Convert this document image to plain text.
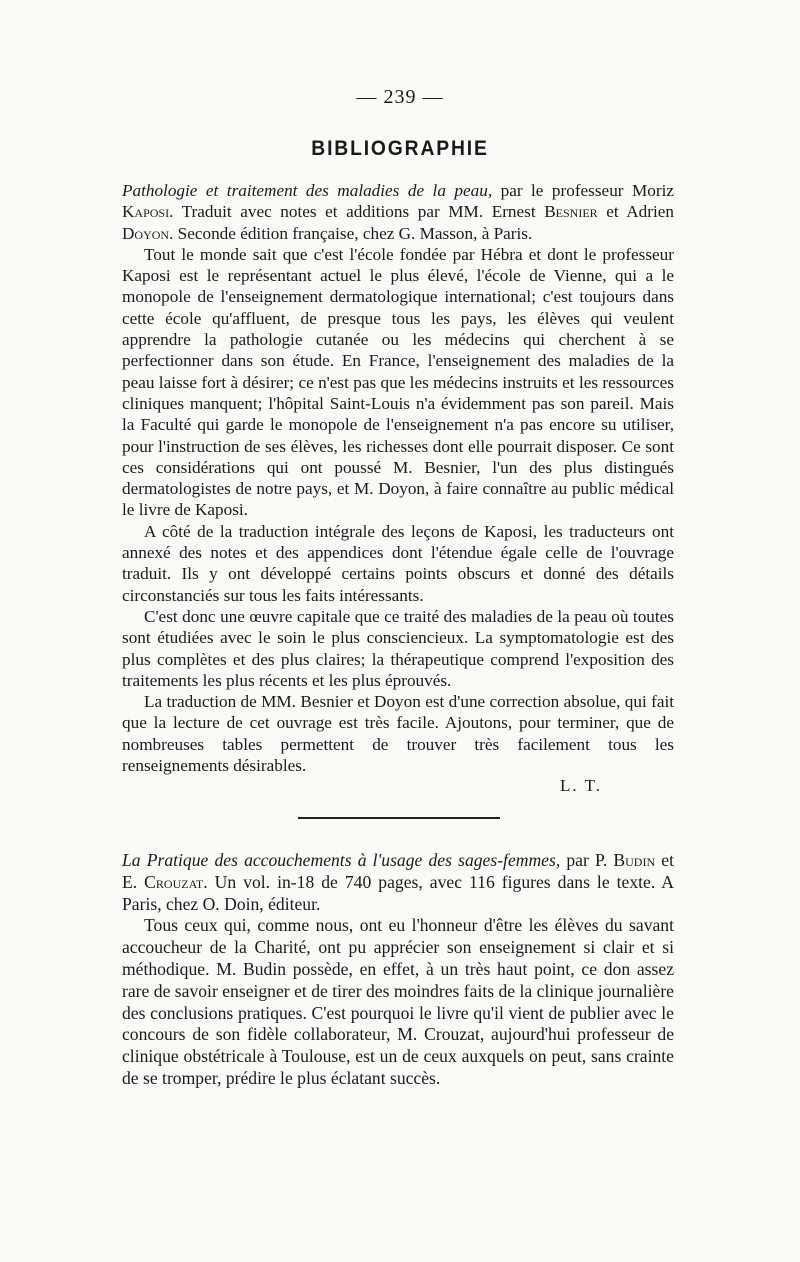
— 239 —
BIBLIOGRAPHIE

Pathologie et traitement des maladies de la peau, par le professeur Moriz Kaposi. Traduit avec notes et additions par MM. Ernest Besnier et Adrien Doyon. Seconde édition française, chez G. Masson, à Paris.

Tout le monde sait que c'est l'école fondée par Hébra et dont le professeur Kaposi est le représentant actuel le plus élevé, l'école de Vienne, qui a le monopole de l'enseignement dermatologique international; c'est toujours dans cette école qu'affluent, de presque tous les pays, les élèves qui veulent apprendre la pathologie cutanée ou les médecins qui cherchent à se perfectionner dans son étude. En France, l'enseignement des maladies de la peau laisse fort à désirer; ce n'est pas que les médecins instruits et les ressources cliniques manquent; l'hôpital Saint-Louis n'a évidemment pas son pareil. Mais la Faculté qui garde le monopole de l'enseignement n'a pas encore su utiliser, pour l'instruction de ses élèves, les richesses dont elle pourrait disposer. Ce sont ces considérations qui ont poussé M. Besnier, l'un des plus distingués dermatologistes de notre pays, et M. Doyon, à faire connaître au public médical le livre de Kaposi.

A côté de la traduction intégrale des leçons de Kaposi, les traducteurs ont annexé des notes et des appendices dont l'étendue égale celle de l'ouvrage traduit. Ils y ont développé certains points obscurs et donné des détails circonstanciés sur tous les faits intéressants.

C'est donc une œuvre capitale que ce traité des maladies de la peau où toutes sont étudiées avec le soin le plus consciencieux. La symptomatologie est des plus complètes et des plus claires; la thérapeutique comprend l'exposition des traitements les plus récents et les plus éprouvés.

La traduction de MM. Besnier et Doyon est d'une correction absolue, qui fait que la lecture de cet ouvrage est très facile. Ajoutons, pour terminer, que de nombreuses tables permettent de trouver très facilement tous les renseignements désirables.

L. T.

La Pratique des accouchements à l'usage des sages-femmes, par P. Budin et E. Crouzat. Un vol. in-18 de 740 pages, avec 116 figures dans le texte. A Paris, chez O. Doin, éditeur.

Tous ceux qui, comme nous, ont eu l'honneur d'être les élèves du savant accoucheur de la Charité, ont pu apprécier son enseignement si clair et si méthodique. M. Budin possède, en effet, à un très haut point, ce don assez rare de savoir enseigner et de tirer des moindres faits de la clinique journalière des conclusions pratiques. C'est pourquoi le livre qu'il vient de publier avec le concours de son fidèle collaborateur, M. Crouzat, aujourd'hui professeur de clinique obstétricale à Toulouse, est un de ceux auxquels on peut, sans crainte de se tromper, prédire le plus éclatant succès.
